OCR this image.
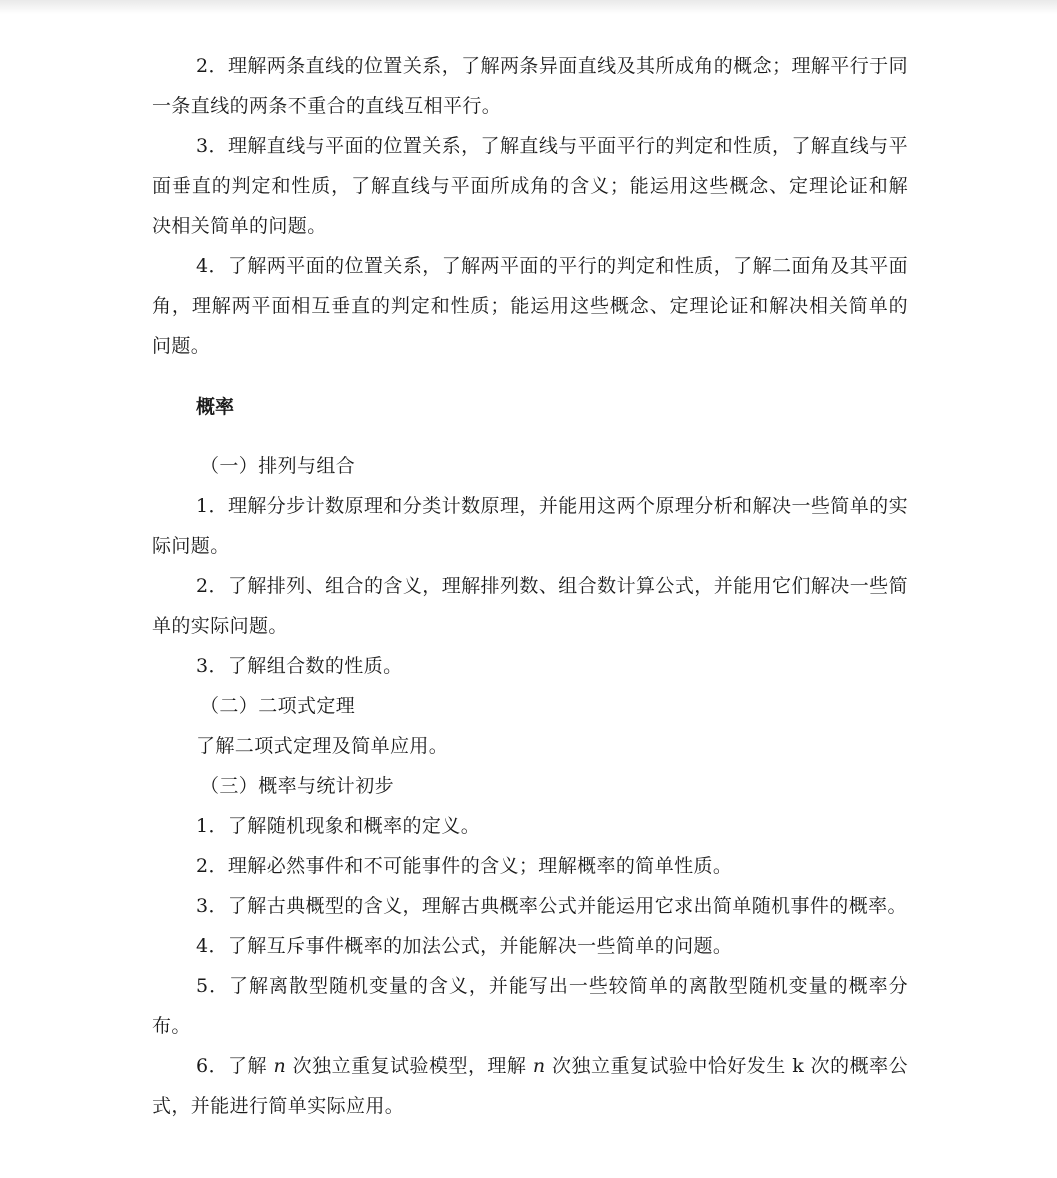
2．理解两条直线的位置关系，了解两条异面直线及其所成角的概念；理解平行于同一条直线的两条不重合的直线互相平行。

3．理解直线与平面的位置关系，了解直线与平面平行的判定和性质，了解直线与平面垂直的判定和性质，了解直线与平面所成角的含义；能运用这些概念、定理论证和解决相关简单的问题。

4．了解两平面的位置关系，了解两平面的平行的判定和性质，了解二面角及其平面角，理解两平面相互垂直的判定和性质；能运用这些概念、定理论证和解决相关简单的问题。

概率

（一）排列与组合

1．理解分步计数原理和分类计数原理，并能用这两个原理分析和解决一些简单的实际问题。

2．了解排列、组合的含义，理解排列数、组合数计算公式，并能用它们解决一些简单的实际问题。

3．了解组合数的性质。

（二）二项式定理

了解二项式定理及简单应用。

（三）概率与统计初步

1．了解随机现象和概率的定义。

2．理解必然事件和不可能事件的含义；理解概率的简单性质。

3．了解古典概型的含义，理解古典概率公式并能运用它求出简单随机事件的概率。

4．了解互斥事件概率的加法公式，并能解决一些简单的问题。

5．了解离散型随机变量的含义，并能写出一些较简单的离散型随机变量的概率分布。

6．了解 n 次独立重复试验模型，理解 n 次独立重复试验中恰好发生 k 次的概率公式，并能进行简单实际应用。
